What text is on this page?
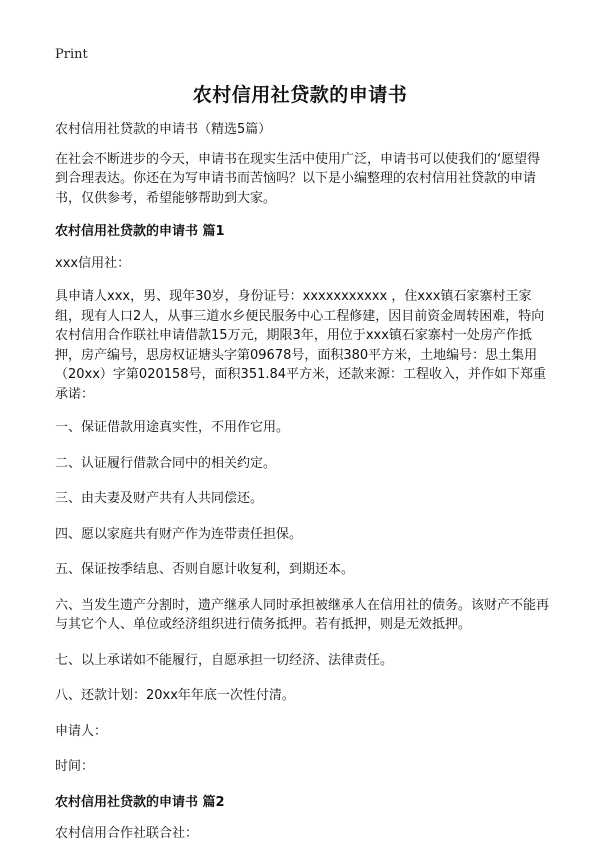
Print
农村信用社贷款的申请书

农村信用社贷款的申请书（精选5篇）

在社会不断进步的今天，申请书在现实生活中使用广泛，申请书可以使我们的‘愿望得到合理表达。你还在为写申请书而苦恼吗？以下是小编整理的农村信用社贷款的申请书，仅供参考，希望能够帮助到大家。

农村信用社贷款的申请书 篇1

xxx信用社：

具申请人xxx，男、现年30岁，身份证号：xxxxxxxxxxx ，住xxx镇石家寨村王家组，现有人口2人，从事三道水乡便民服务中心工程修建，因目前资金周转困难，特向农村信用合作联社申请借款15万元，期限3年，用位于xxx镇石家寨村一处房产作抵押，房产编号，思房权证塘头字第09678号，面积380平方米，土地编号：思土集用（20xx）字第020158号，面积351.84平方米，还款来源：工程收入，并作如下郑重承诺：

一、保证借款用途真实性，不用作它用。

二、认证履行借款合同中的相关约定。

三、由夫妻及财产共有人共同偿还。

四、愿以家庭共有财产作为连带责任担保。

五、保证按季结息、否则自愿计收复利，到期还本。

六、当发生遗产分割时，遗产继承人同时承担被继承人在信用社的债务。该财产不能再与其它个人、单位或经济组织进行债务抵押。若有抵押，则是无效抵押。

七、以上承诺如不能履行，自愿承担一切经济、法律责任。

八、还款计划：20xx年年底一次性付清。

申请人：

时间：

农村信用社贷款的申请书 篇2

农村信用合作社联合社：
